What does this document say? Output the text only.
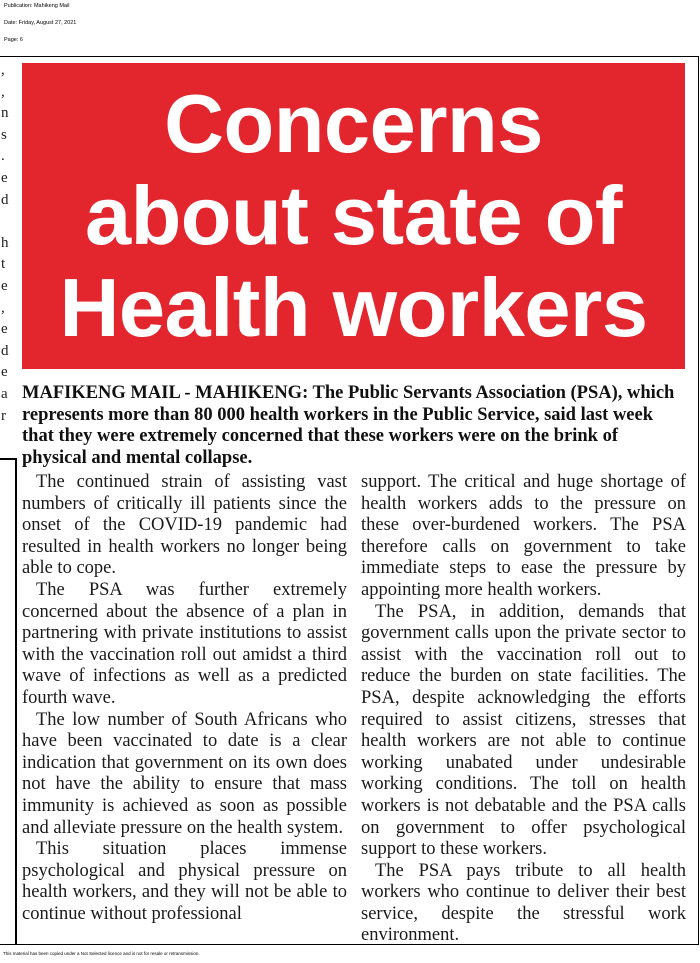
Publication: Mahikeng Mail
Date: Friday, August 27, 2021
Page: 6
,
,
n
s
.
e
d

h
t
e
,
e
d
e
a
r
Concerns
about state of
Health workers
MAFIKENG MAIL - MAHIKENG: The Public Servants Association (PSA), which represents more than 80 000 health workers in the Public Service, said last week that they were extremely concerned that these workers were on the brink of physical and mental collapse.

The continued strain of assisting vast numbers of critically ill patients since the onset of the COVID-19 pandemic had resulted in health workers no longer being able to cope.

The PSA was further extremely concerned about the absence of a plan in partnering with private institutions to assist with the vaccination roll out amidst a third wave of infections as well as a predicted fourth wave.

The low number of South Africans who have been vaccinated to date is a clear indication that government on its own does not have the ability to ensure that mass immunity is achieved as soon as possible and alleviate pressure on the health system.

This situation places immense psychological and physical pressure on health workers, and they will not be able to continue without professional

support. The critical and huge shortage of health workers adds to the pressure on these over-burdened workers. The PSA therefore calls on government to take immediate steps to ease the pressure by appointing more health workers.

The PSA, in addition, demands that government calls upon the private sector to assist with the vaccination roll out to reduce the burden on state facilities. The PSA, despite acknowledging the efforts required to assist citizens, stresses that health workers are not able to continue working unabated under undesirable working conditions. The toll on health workers is not debatable and the PSA calls on government to offer psychological support to these workers.

The PSA pays tribute to all health workers who continue to deliver their best service, despite the stressful work environment.

This material has been copied under a Not Selected licence and is not for resale or retransmission.
